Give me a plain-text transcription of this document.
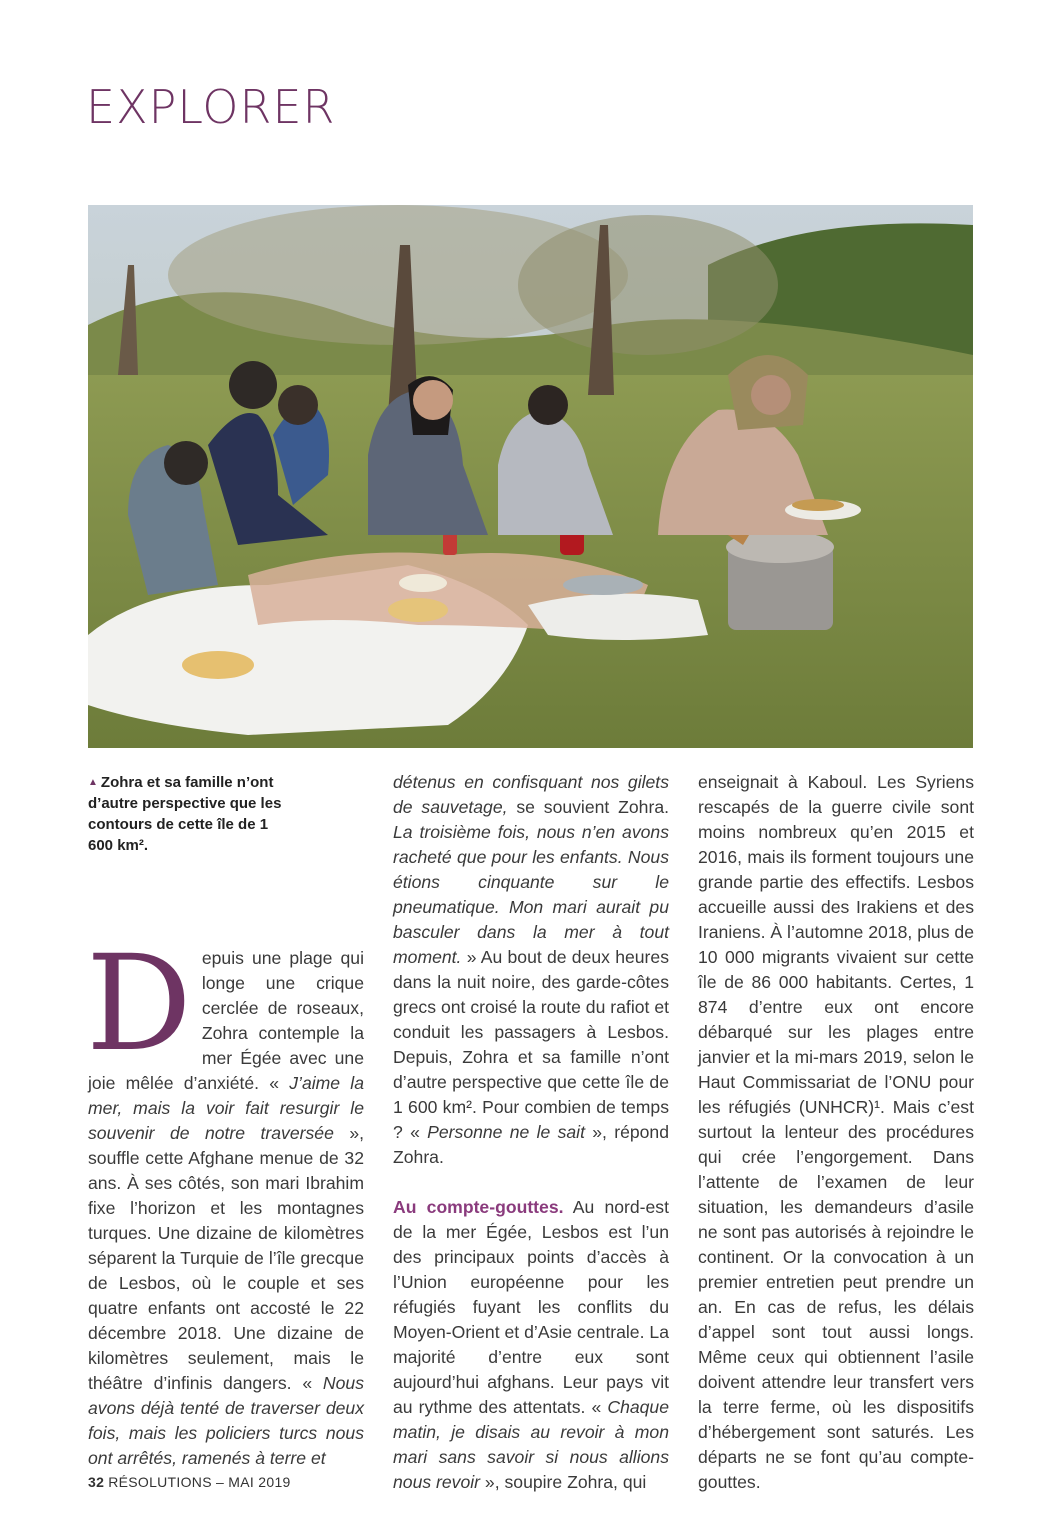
EXPLORER
▲ Zohra et sa famille n’ont d’autre perspective que les contours de cette île de 1 600 km².

Depuis une plage qui longe une crique cerclée de roseaux, Zohra contemple la mer Égée avec une joie mêlée d’anxiété. « J’aime la mer, mais la voir fait resurgir le souvenir de notre traversée », souffle cette Afghane menue de 32 ans. À ses côtés, son mari Ibrahim fixe l’horizon et les montagnes turques. Une dizaine de kilomètres séparent la Turquie de l’île grecque de Lesbos, où le couple et ses quatre enfants ont accosté le 22 décembre 2018. Une dizaine de kilomètres seulement, mais le théâtre d’infinis dangers. « Nous avons déjà tenté de traverser deux fois, mais les policiers turcs nous ont arrêtés, ramenés à terre et

détenus en confisquant nos gilets de sauvetage, se souvient Zohra. La troisième fois, nous n’en avons racheté que pour les enfants. Nous étions cinquante sur le pneumatique. Mon mari aurait pu basculer dans la mer à tout moment. » Au bout de deux heures dans la nuit noire, des garde-côtes grecs ont croisé la route du rafiot et conduit les passagers à Lesbos. Depuis, Zohra et sa famille n’ont d’autre perspective que cette île de 1 600 km². Pour combien de temps ? « Personne ne le sait », répond Zohra.

Au compte-gouttes. Au nord-est de la mer Égée, Lesbos est l’un des principaux points d’accès à l’Union européenne pour les réfugiés fuyant les conflits du Moyen-Orient et d’Asie centrale. La majorité d’entre eux sont aujourd’hui afghans. Leur pays vit au rythme des attentats. « Chaque matin, je disais au revoir à mon mari sans savoir si nous allions nous revoir », soupire Zohra, qui

enseignait à Kaboul. Les Syriens rescapés de la guerre civile sont moins nombreux qu’en 2015 et 2016, mais ils forment toujours une grande partie des effectifs. Lesbos accueille aussi des Irakiens et des Iraniens. À l’automne 2018, plus de 10 000 migrants vivaient sur cette île de 86 000 habitants. Certes, 1 874 d’entre eux ont encore débarqué sur les plages entre janvier et la mi-mars 2019, selon le Haut Commissariat de l’ONU pour les réfugiés (UNHCR)¹. Mais c’est surtout la lenteur des procédures qui crée l’engorgement. Dans l’attente de l’examen de leur situation, les demandeurs d’asile ne sont pas autorisés à rejoindre le continent. Or la convocation à un premier entretien peut prendre un an. En cas de refus, les délais d’appel sont tout aussi longs. Même ceux qui obtiennent l’asile doivent attendre leur transfert vers la terre ferme, où les dispositifs d’hébergement sont saturés. Les départs ne se font qu’au compte-gouttes.

32 RÉSOLUTIONS – MAI 2019
